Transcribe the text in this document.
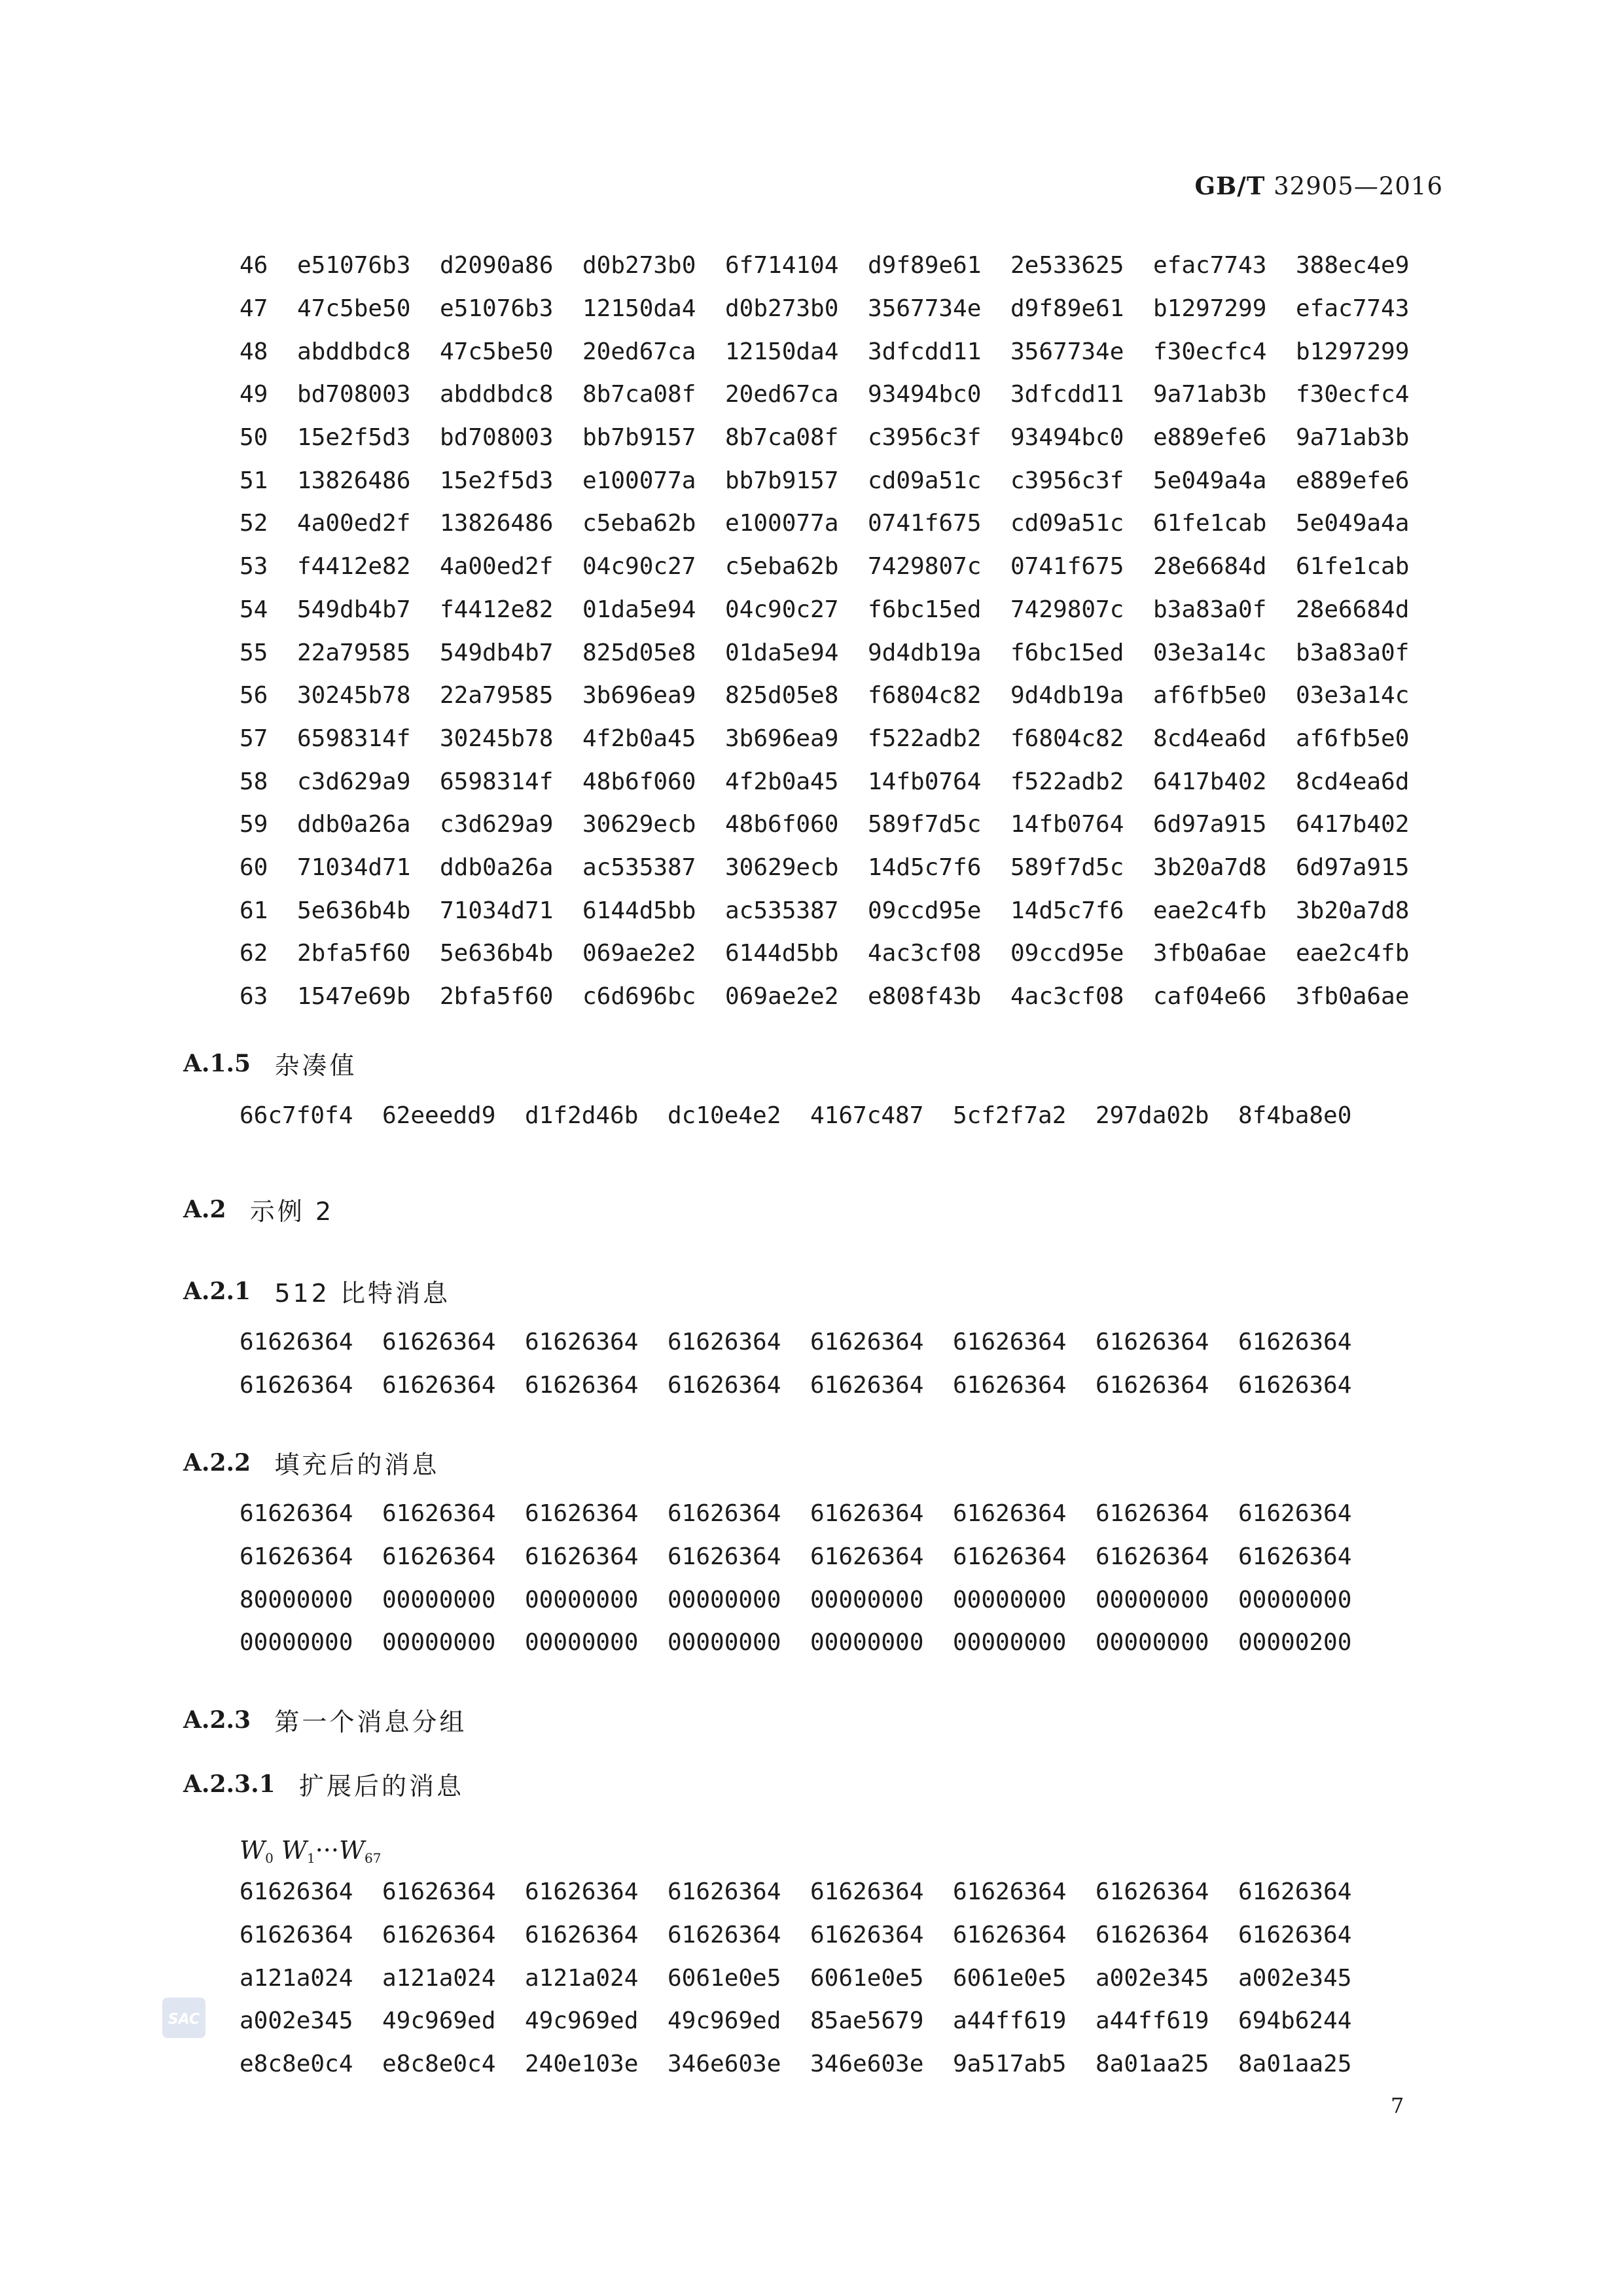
GB/T 32905—2016
46	e51076b3	d2090a86	d0b273b0	6f714104	d9f89e61	2e533625	efac7743	388ec4e9
47	47c5be50	e51076b3	12150da4	d0b273b0	3567734e	d9f89e61	b1297299	efac7743
48	abddbdc8	47c5be50	20ed67ca	12150da4	3dfcdd11	3567734e	f30ecfc4	b1297299
49	bd708003	abddbdc8	8b7ca08f	20ed67ca	93494bc0	3dfcdd11	9a71ab3b	f30ecfc4
50	15e2f5d3	bd708003	bb7b9157	8b7ca08f	c3956c3f	93494bc0	e889efe6	9a71ab3b
51	13826486	15e2f5d3	e100077a	bb7b9157	cd09a51c	c3956c3f	5e049a4a	e889efe6
52	4a00ed2f	13826486	c5eba62b	e100077a	0741f675	cd09a51c	61fe1cab	5e049a4a
53	f4412e82	4a00ed2f	04c90c27	c5eba62b	7429807c	0741f675	28e6684d	61fe1cab
54	549db4b7	f4412e82	01da5e94	04c90c27	f6bc15ed	7429807c	b3a83a0f	28e6684d
55	22a79585	549db4b7	825d05e8	01da5e94	9d4db19a	f6bc15ed	03e3a14c	b3a83a0f
56	30245b78	22a79585	3b696ea9	825d05e8	f6804c82	9d4db19a	af6fb5e0	03e3a14c
57	6598314f	30245b78	4f2b0a45	3b696ea9	f522adb2	f6804c82	8cd4ea6d	af6fb5e0
58	c3d629a9	6598314f	48b6f060	4f2b0a45	14fb0764	f522adb2	6417b402	8cd4ea6d
59	ddb0a26a	c3d629a9	30629ecb	48b6f060	589f7d5c	14fb0764	6d97a915	6417b402
60	71034d71	ddb0a26a	ac535387	30629ecb	14d5c7f6	589f7d5c	3b20a7d8	6d97a915
61	5e636b4b	71034d71	6144d5bb	ac535387	09ccd95e	14d5c7f6	eae2c4fb	3b20a7d8
62	2bfa5f60	5e636b4b	069ae2e2	6144d5bb	4ac3cf08	09ccd95e	3fb0a6ae	eae2c4fb
63	1547e69b	2bfa5f60	c6d696bc	069ae2e2	e808f43b	4ac3cf08	caf04e66	3fb0a6ae
A.1.5
杂凑值
66c7f0f4	62eeedd9	d1f2d46b	dc10e4e2	4167c487	5cf2f7a2	297da02b	8f4ba8e0
A.2
示例 2
A.2.1
512 比特消息
61626364	61626364	61626364	61626364	61626364	61626364	61626364	61626364
61626364	61626364	61626364	61626364	61626364	61626364	61626364	61626364
A.2.2
填充后的消息
61626364	61626364	61626364	61626364	61626364	61626364	61626364	61626364
61626364	61626364	61626364	61626364	61626364	61626364	61626364	61626364
80000000	00000000	00000000	00000000	00000000	00000000	00000000	00000000
00000000	00000000	00000000	00000000	00000000	00000000	00000000	00000200
A.2.3
第一个消息分组
A.2.3.1
扩展后的消息
$W_0$ $W_1\cdot\cdot\cdot W_{67}$
61626364	61626364	61626364	61626364	61626364	61626364	61626364	61626364
61626364	61626364	61626364	61626364	61626364	61626364	61626364	61626364
a121a024	a121a024	a121a024	6061e0e5	6061e0e5	6061e0e5	a002e345	a002e345
a002e345	49c969ed	49c969ed	49c969ed	85ae5679	a44ff619	a44ff619	694b6244
e8c8e0c4	e8c8e0c4	240e103e	346e603e	346e603e	9a517ab5	8a01aa25	8a01aa25
SAC
7
